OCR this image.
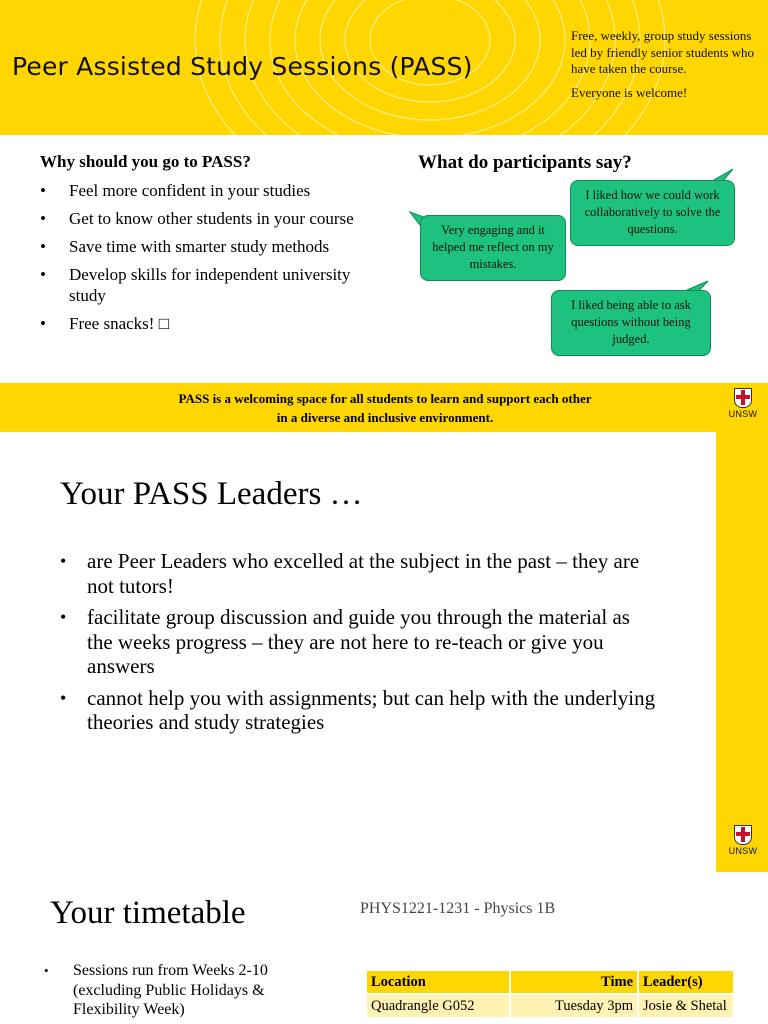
Peer Assisted Study Sessions (PASS)

Free, weekly, group study sessions led by friendly senior students who have taken the course.

Everyone is welcome!

Why should you go to PASS?
• Feel more confident in your studies
• Get to know other students in your course
• Save time with smarter study methods
• Develop skills for independent university study
• Free snacks! □
What do participants say?
I liked how we could work collaboratively to solve the questions.
Very engaging and it helped me reflect on my mistakes.
I liked being able to ask questions without being judged.
PASS is a welcoming space for all students to learn and support each other
in a diverse and inclusive environment.	UNSW
UNSW
Your PASS Leaders …
• are Peer Leaders who excelled at the subject in the past – they are not tutors!
• facilitate group discussion and guide you through the material as the weeks progress – they are not here to re-teach or give you answers
• cannot help you with assignments; but can help with the underlying theories and study strategies
Your timetable	PHYS1221-1231 - Physics 1B
• Sessions run from Weeks 2-10 (excluding Public Holidays & Flexibility Week)
Location	Time	Leader(s)
Quadrangle G052	Tuesday 3pm	Josie & Shetal
